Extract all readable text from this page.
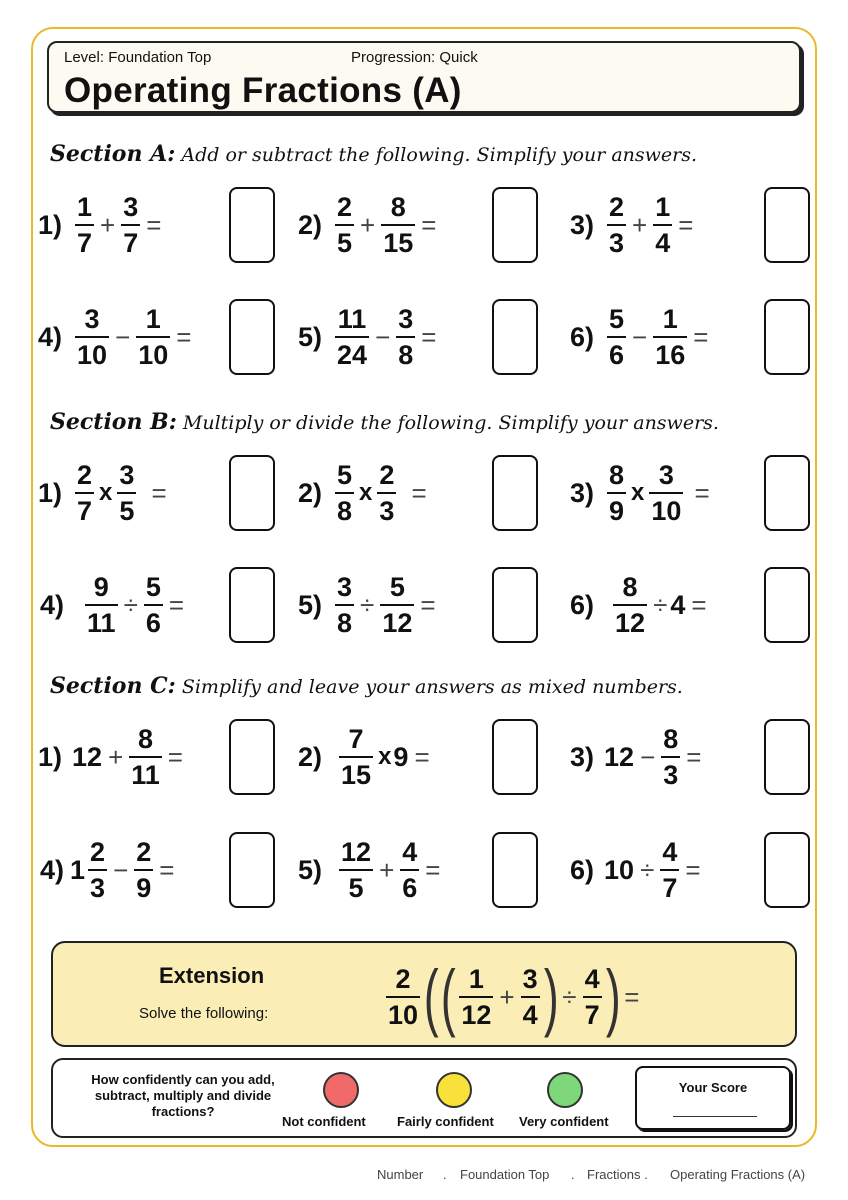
Level: Foundation Top	Progression: Quick
Operating Fractions (A)
Section A: Add or subtract the following. Simplify your answers.
$1) \frac{1}{7} + \frac{3}{7}$ =	$2) \frac{2}{5} + \frac{8}{15}$ =	$3) \frac{2}{3} + \frac{1}{4}$ =
$4) \frac{3}{10} - \frac{1}{10}$ =	$5) \frac{11}{24} - \frac{3}{8}$ =	$6) \frac{5}{6} - \frac{1}{16}$ =
Section B: Multiply or divide the following. Simplify your answers.
$1) \frac{2}{7}$ x $\frac{3}{5}$ =	$2) \frac{5}{8}$ x $\frac{2}{3}$ =	$3) \frac{8}{9}$ x $\frac{3}{10}$ =
$4) \frac{9}{11} \div \frac{5}{6}$ =	$5) \frac{3}{8} \div \frac{5}{12}$ =	$6) \frac{8}{12} \div 4$ =
Section C: Simplify and leave your answers as mixed numbers.
1) $12 + \frac{8}{11}$ =	$2) \frac{7}{15}$ x 9 =	3) $12 - \frac{8}{3}$ =
4) $1 \frac{2}{3} - \frac{2}{9}$ =	$5) \frac{12}{5} + \frac{4}{6}$ =	6) $10 \div \frac{4}{7}$ =
Extension
Solve the following:	$\frac{2}{10}$ ( ( $\frac{1}{12} + \frac{3}{4}$ ) ÷ $\frac{4}{7}$ ) =
How confidently can you add, subtract, multiply and divide fractions?
Not confident Fairly confident Very confident
Your Score
Number . Foundation Top . Fractions . Operating Fractions (A)
